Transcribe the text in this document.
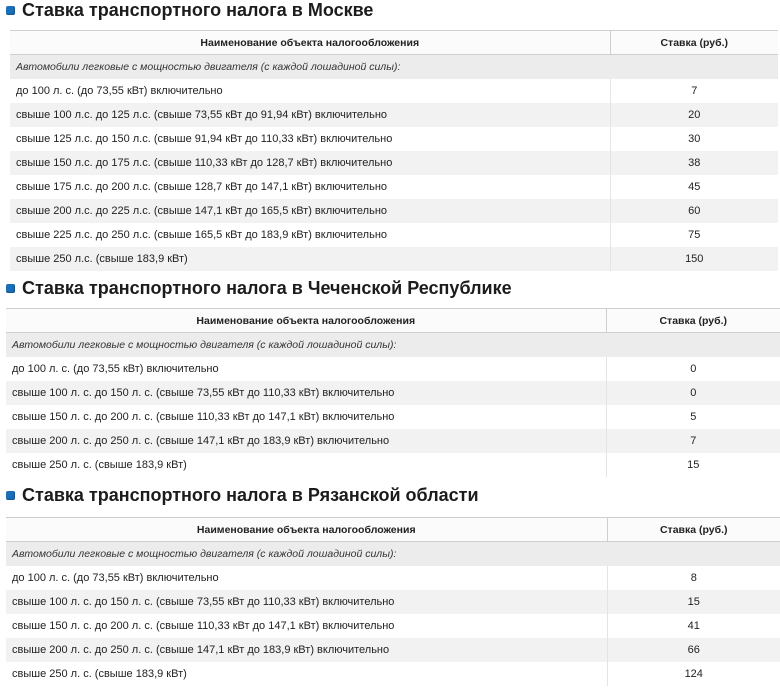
Ставка транспортного налога в Москве
Наименование объекта налогообложения	Ставка (руб.)
Автомобили легковые с мощностью двигателя (с каждой лошадиной силы):	
до 100 л. с. (до 73,55 кВт) включительно	7
свыше 100 л.с. до 125 л.с. (свыше 73,55 кВт до 91,94 кВт) включительно	20
свыше 125 л.с. до 150 л.с. (свыше 91,94 кВт до 110,33 кВт) включительно	30
свыше 150 л.с. до 175 л.с. (свыше 110,33 кВт до 128,7 кВт) включительно	38
свыше 175 л.с. до 200 л.с. (свыше 128,7 кВт до 147,1 кВт) включительно	45
свыше 200 л.с. до 225 л.с. (свыше 147,1 кВт до 165,5 кВт) включительно	60
свыше 225 л.с. до 250 л.с. (свыше 165,5 кВт до 183,9 кВт) включительно	75
свыше 250 л.с. (свыше 183,9 кВт)	150
Ставка транспортного налога в Чеченской Республике
Наименование объекта налогообложения	Ставка (руб.)
Автомобили легковые с мощностью двигателя (с каждой лошадиной силы):	
до 100 л. с. (до 73,55 кВт) включительно	0
свыше 100 л. с. до 150 л. с. (свыше 73,55 кВт до 110,33 кВт) включительно	0
свыше 150 л. с. до 200 л. с. (свыше 110,33 кВт до 147,1 кВт) включительно	5
свыше 200 л. с. до 250 л. с. (свыше 147,1 кВт до 183,9 кВт) включительно	7
свыше 250 л. с. (свыше 183,9 кВт)	15
Ставка транспортного налога в Рязанской области
Наименование объекта налогообложения	Ставка (руб.)
Автомобили легковые с мощностью двигателя (с каждой лошадиной силы):	
до 100 л. с. (до 73,55 кВт) включительно	8
свыше 100 л. с. до 150 л. с. (свыше 73,55 кВт до 110,33 кВт) включительно	15
свыше 150 л. с. до 200 л. с. (свыше 110,33 кВт до 147,1 кВт) включительно	41
свыше 200 л. с. до 250 л. с. (свыше 147,1 кВт до 183,9 кВт) включительно	66
свыше 250 л. с. (свыше 183,9 кВт)	124
